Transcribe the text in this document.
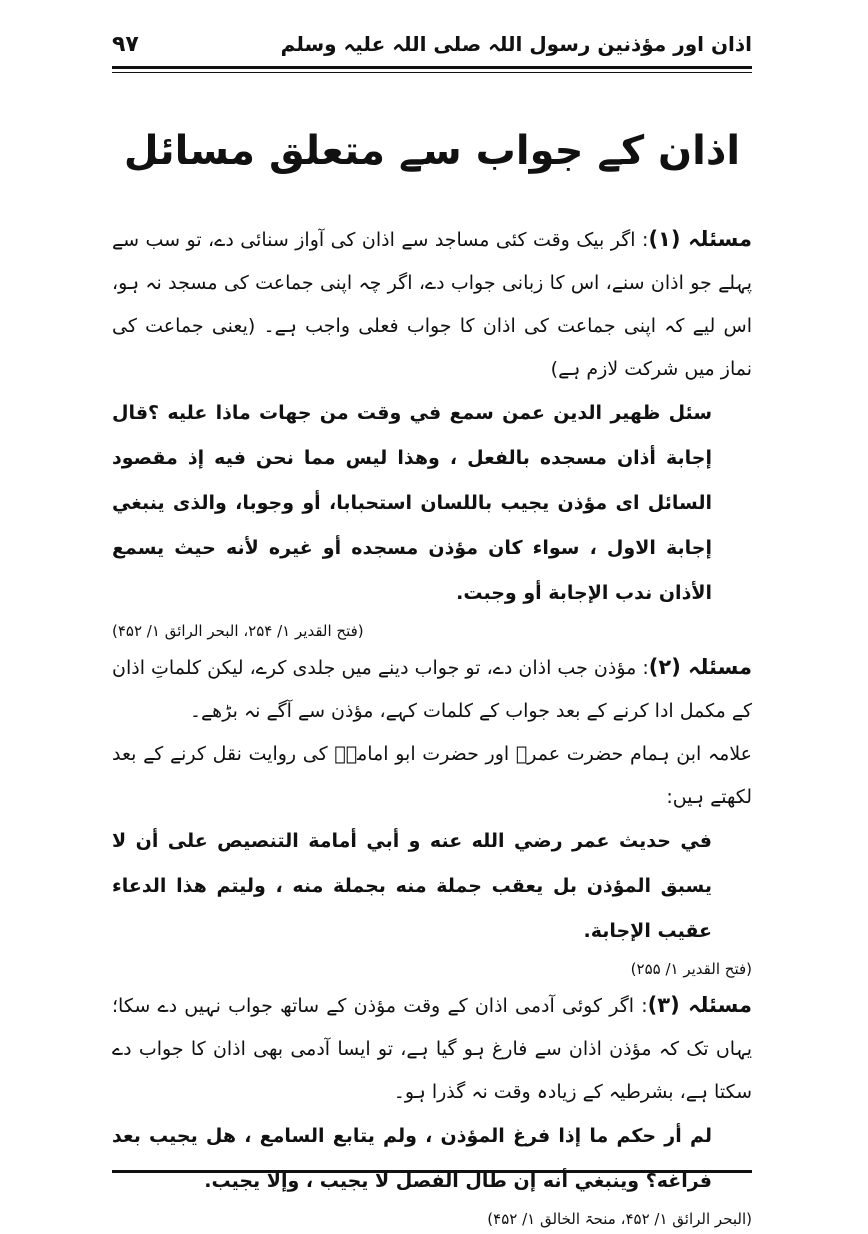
۹۷	اذان اور مؤذنین رسول اللہ صلی اللہ علیہ وسلم
اذان کے جواب سے متعلق مسائل
مسئلہ (۱): اگر بیک وقت کئی مساجد سے اذان کی آواز سنائی دے، تو سب سے پہلے جو اذان سنے، اس کا زبانی جواب دے، اگر چہ اپنی جماعت کی مسجد نہ ہو، اس لیے کہ اپنی جماعت کی اذان کا جواب فعلی واجب ہے۔ (یعنی جماعت کی نماز میں شرکت لازم ہے)
سئل ظهير الدين عمن سمع في وقت من جهات ماذا عليه ؟قال إجابة أذان مسجده بالفعل ، وهذا ليس مما نحن فيه إذ مقصود السائل اى مؤذن يجيب باللسان استحبابا، أو وجوبا، والذى ينبغي إجابة الاول ، سواء كان مؤذن مسجده أو غيره لأنه حيث يسمع الأذان ندب الإجابة أو وجبت.
(فتح القدیر ۱/ ۲۵۴، البحر الرائق ۱/ ۴۵۲)
مسئلہ (۲): مؤذن جب اذان دے، تو جواب دینے میں جلدی کرے، لیکن کلماتِ اذان کے مکمل ادا کرنے کے بعد جواب کے کلمات کہے، مؤذن سے آگے نہ بڑھے۔
علامہ ابن ہمام حضرت عمرؓ اور حضرت ابو امامہؓ کی روایت نقل کرنے کے بعد لکھتے ہیں:
في حديث عمر رضي الله عنه و أبي أمامة التنصيص على أن لا يسبق المؤذن بل يعقب جملة منه بجملة منه ، وليتم هذا الدعاء عقيب الإجابة.
(فتح القدیر ۱/ ۲۵۵)
مسئلہ (۳): اگر کوئی آدمی اذان کے وقت مؤذن کے ساتھ جواب نہیں دے سکا؛ یہاں تک کہ مؤذن اذان سے فارغ ہو گیا ہے، تو ایسا آدمی بھی اذان کا جواب دے سکتا ہے، بشرطیہ کے زیادہ وقت نہ گذرا ہو۔
لم أر حكم ما إذا فرغ المؤذن ، ولم يتابع السامع ، هل يجيب بعد فراغه؟ وينبغي أنه إن طال الفصل لا يجيب ، وإلا يجيب.
(البحر الرائق ۱/ ۴۵۲، منحۃ الخالق ۱/ ۴۵۲)
